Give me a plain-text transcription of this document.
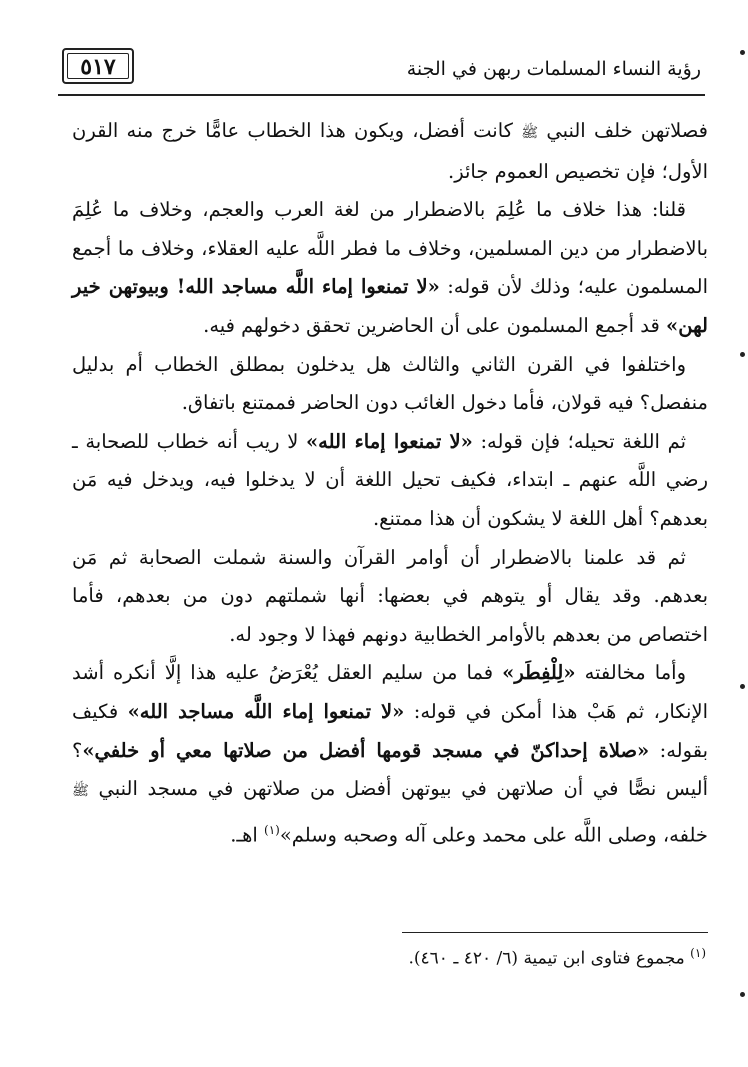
رؤية النساء المسلمات ربهن في الجنة
٥١٧

فصلاتهن خلف النبي ﷺ كانت أفضل، ويكون هذا الخطاب عامًّا خرج منه القرن الأول؛ فإن تخصيص العموم جائز.

قلنا: هذا خلاف ما عُلِمَ بالاضطرار من لغة العرب والعجم، وخلاف ما عُلِمَ بالاضطرار من دين المسلمين، وخلاف ما فطر اللَّه عليه العقلاء، وخلاف ما أجمع المسلمون عليه؛ وذلك لأن قوله: «لا تمنعوا إماء اللَّه مساجد الله! وبيوتهن خير لهن» قد أجمع المسلمون على أن الحاضرين تحقق دخولهم فيه.

واختلفوا في القرن الثاني والثالث هل يدخلون بمطلق الخطاب أم بدليل منفصل؟ فيه قولان، فأما دخول الغائب دون الحاضر فممتنع باتفاق.

ثم اللغة تحيله؛ فإن قوله: «لا تمنعوا إماء الله» لا ريب أنه خطاب للصحابة ـ رضي اللَّه عنهم ـ ابتداء، فكيف تحيل اللغة أن لا يدخلوا فيه، ويدخل فيه مَن بعدهم؟ أهل اللغة لا يشكون أن هذا ممتنع.

ثم قد علمنا بالاضطرار أن أوامر القرآن والسنة شملت الصحابة ثم مَن بعدهم. وقد يقال أو يتوهم في بعضها: أنها شملتهم دون من بعدهم، فأما اختصاص من بعدهم بالأوامر الخطابية دونهم فهذا لا وجود له.

وأما مخالفته «لِلْفِطَر» فما من سليم العقل يُعْرَضُ عليه هذا إلَّا أنكره أشد الإنكار، ثم هَبْ هذا أمكن في قوله: «لا تمنعوا إماء اللَّه مساجد الله» فكيف بقوله: «صلاة إحداكنّ في مسجد قومها أفضل من صلاتها معي أو خلفي»؟ أليس نصًّا في أن صلاتهن في بيوتهن أفضل من صلاتهن في مسجد النبي ﷺ خلفه، وصلى اللَّه على محمد وعلى آله وصحبه وسلم»$^{(١)}$ اهـ.

$^{(١)}$ مجموع فتاوى ابن تيمية (٦/ ٤٢٠ ـ ٤٦٠).
